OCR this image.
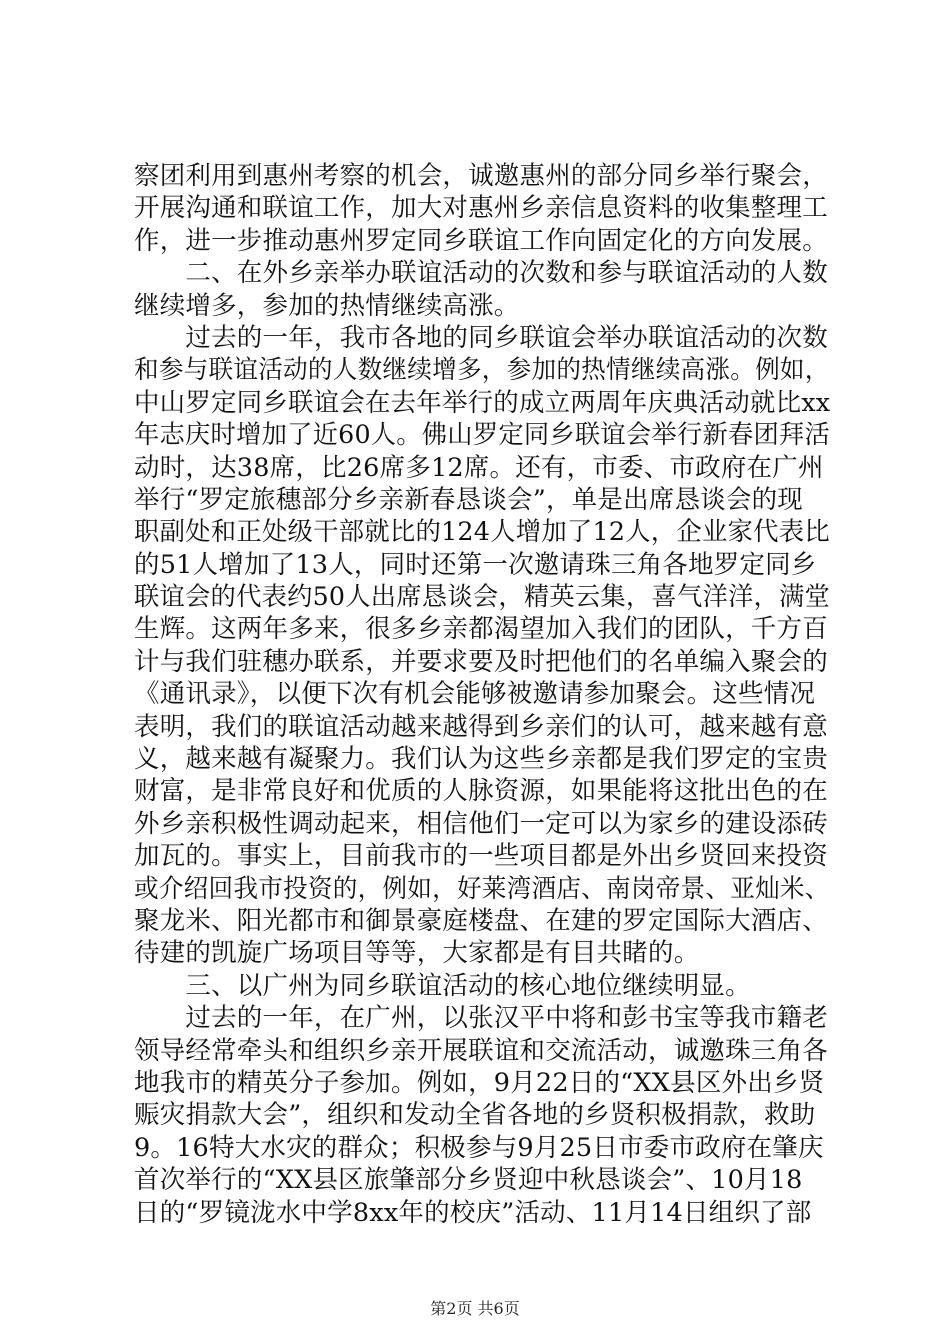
察团利用到惠州考察的机会，诚邀惠州的部分同乡举行聚会，
开展沟通和联谊工作，加大对惠州乡亲信息资料的收集整理工
作，进一步推动惠州罗定同乡联谊工作向固定化的方向发展。
　　二、在外乡亲举办联谊活动的次数和参与联谊活动的人数
继续增多，参加的热情继续高涨。
　　过去的一年，我市各地的同乡联谊会举办联谊活动的次数
和参与联谊活动的人数继续增多，参加的热情继续高涨。例如，
中山罗定同乡联谊会在去年举行的成立两周年庆典活动就比xx
年志庆时增加了近60人。佛山罗定同乡联谊会举行新春团拜活
动时，达38席，比26席多12席。还有，市委、市政府在广州
举行“罗定旅穗部分乡亲新春恳谈会”，单是出席恳谈会的现
职副处和正处级干部就比的124人增加了12人，企业家代表比
的51人增加了13人，同时还第一次邀请珠三角各地罗定同乡
联谊会的代表约50人出席恳谈会，精英云集，喜气洋洋，满堂
生辉。这两年多来，很多乡亲都渴望加入我们的团队，千方百
计与我们驻穗办联系，并要求要及时把他们的名单编入聚会的
《通讯录》，以便下次有机会能够被邀请参加聚会。这些情况
表明，我们的联谊活动越来越得到乡亲们的认可，越来越有意
义，越来越有凝聚力。我们认为这些乡亲都是我们罗定的宝贵
财富，是非常良好和优质的人脉资源，如果能将这批出色的在
外乡亲积极性调动起来，相信他们一定可以为家乡的建设添砖
加瓦的。事实上，目前我市的一些项目都是外出乡贤回来投资
或介绍回我市投资的，例如，好莱湾酒店、南岗帝景、亚灿米、
聚龙米、阳光都市和御景豪庭楼盘、在建的罗定国际大酒店、
待建的凯旋广场项目等等，大家都是有目共睹的。
　　三、以广州为同乡联谊活动的核心地位继续明显。
　　过去的一年，在广州，以张汉平中将和彭书宝等我市籍老
领导经常牵头和组织乡亲开展联谊和交流活动，诚邀珠三角各
地我市的精英分子参加。例如，9月22日的“XX县区外出乡贤
赈灾捐款大会”，组织和发动全省各地的乡贤积极捐款，救助
9。16特大水灾的群众；积极参与9月25日市委市政府在肇庆
首次举行的“XX县区旅肇部分乡贤迎中秋恳谈会”、10月18
日的“罗镜泷水中学8xx年的校庆”活动、11月14日组织了部
第2页 共6页
